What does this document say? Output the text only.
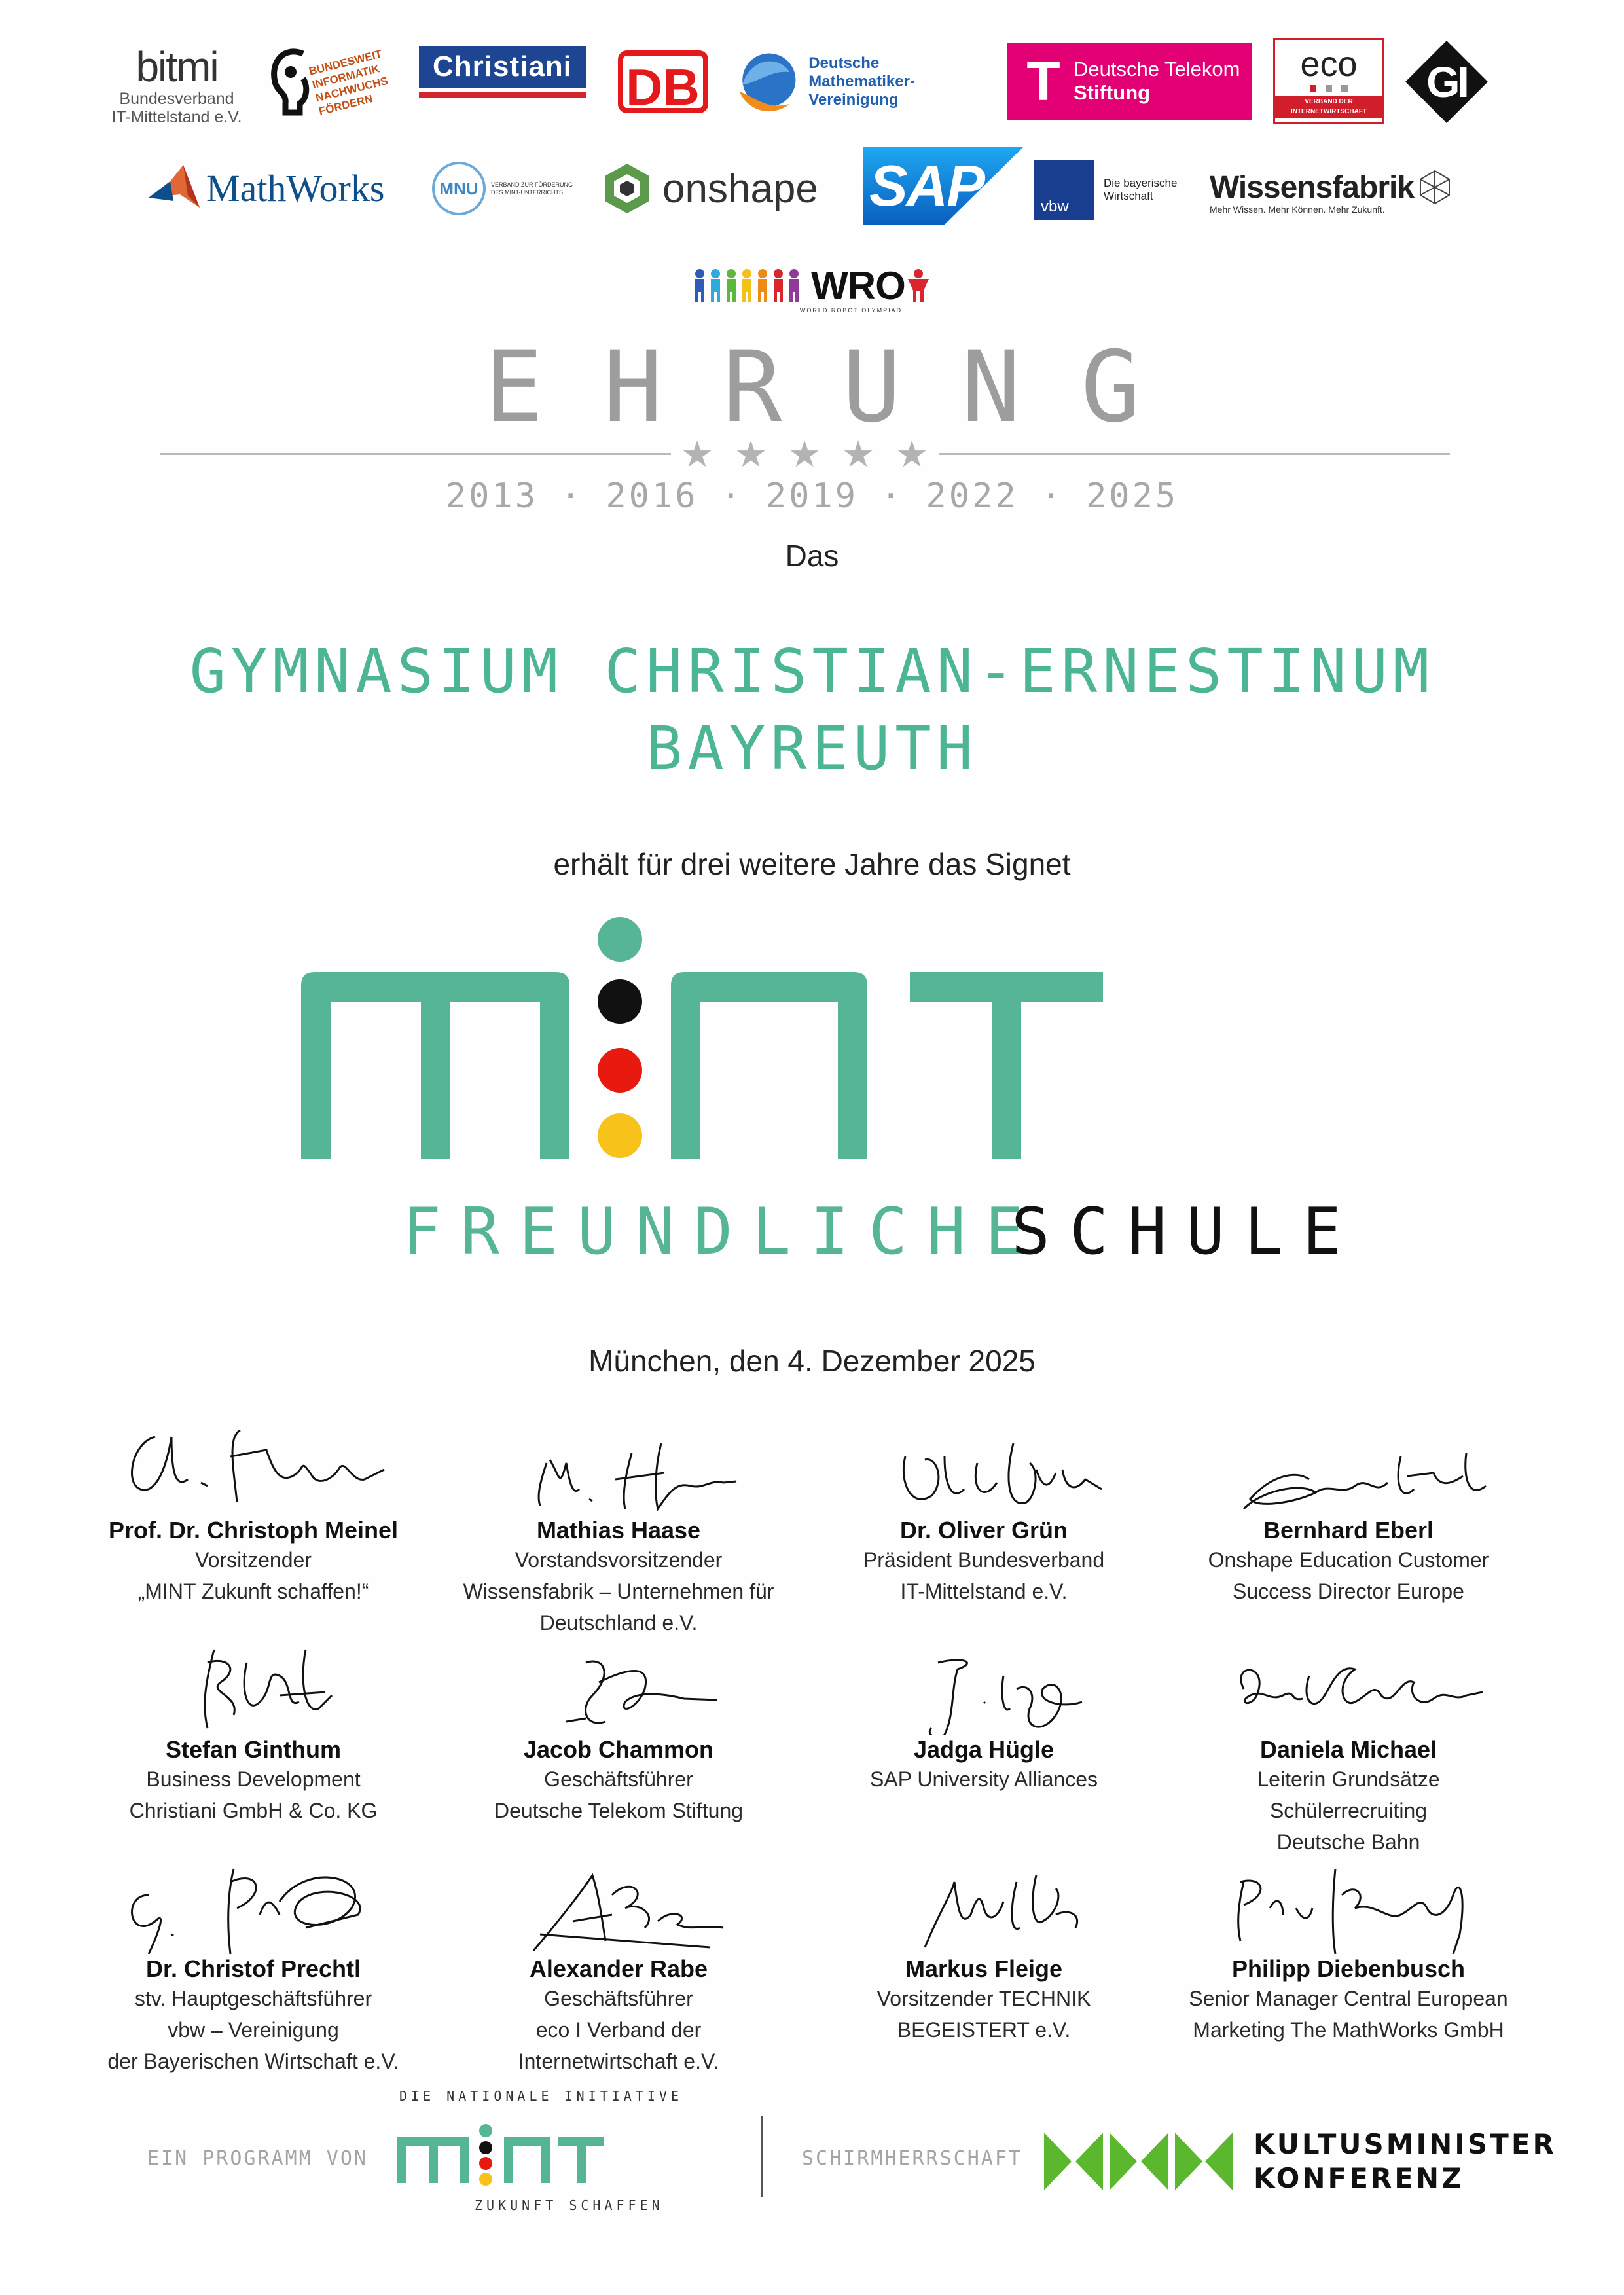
bitmi
Bundesverband
IT-Mittelstand e.V.
BUNDESWEIT INFORMATIK NACHWUCHS FÖRDERN
Christiani DB	Deutsche
Mathematiker-Vereinigung	T Deutsche Telekom
Stiftung
eco
VERBAND DER INTERNETWIRTSCHAFT
GI
MathWorks	MNU	VERBAND ZUR FÖRDERUNG DES MINT-UNTERRICHTS	onshape SAP	vbw
Die bayerische
Wirtschaft	Wissensfabrik
Mehr Wissen. Mehr Können. Mehr Zukunft.
WRO
WORLD ROBOT OLYMPIAD
EHRUNG
★ ★ ★ ★ ★
2013 · 2016 · 2019 · 2022 · 2025
Das
GYMNASIUM CHRISTIAN-ERNESTINUM
BAYREUTH
erhält für drei weitere Jahre das Signet
FREUNDLICHE
SCHULE
München, den 4. Dezember 2025
Prof. Dr. Christoph Meinel
Vorsitzender
„MINT Zukunft schaffen!“
Mathias Haase
Vorstandsvorsitzender
Wissensfabrik – Unternehmen für
Deutschland e.V.
Dr. Oliver Grün
Präsident Bundesverband
IT-Mittelstand e.V.
Bernhard Eberl
Onshape Education Customer
Success Director Europe
Stefan Ginthum
Business Development
Christiani GmbH & Co. KG
Jacob Chammon
Geschäftsführer
Deutsche Telekom Stiftung
Jadga Hügle
SAP University Alliances
Daniela Michael
Leiterin Grundsätze
Schülerrecruiting
Deutsche Bahn
Dr. Christof Prechtl
stv. Hauptgeschäftsführer
vbw – Vereinigung
der Bayerischen Wirtschaft e.V.
Alexander Rabe
Geschäftsführer
eco I Verband der
Internetwirtschaft e.V.
Markus Fleige
Vorsitzender TECHNIK
BEGEISTERT e.V.
Philipp Diebenbusch
Senior Manager Central European
Marketing The MathWorks GmbH
DIE NATIONALE INITIATIVE
EIN PROGRAMM VON
ZUKUNFT SCHAFFEN
SCHIRMHERRSCHAFT	KULTUSMINISTER
KONFERENZ
